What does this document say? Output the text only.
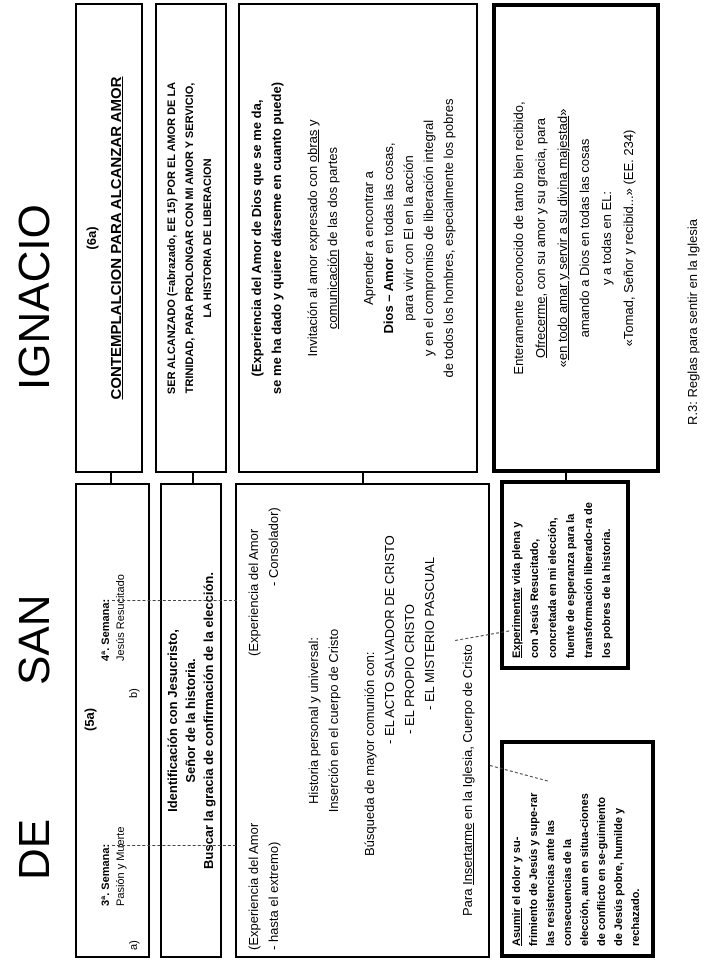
DE
SAN
IGNACIO
(5a)
a)
3ª. Semana: Pasión y Muerte
b)
4ª. Semana: Jesús Resucitado
Identificación con Jesucristo, Señor de la historia. Buscar la gracia de confirmación de la elección.
(Experiencia del Amor - hasta el extremo)
(Experiencia del Amor - Consolador)
Historia personal y universal: Inserción en el cuerpo de Cristo Búsqueda de mayor comunión con:
- EL ACTO SALVADOR DE CRISTO - EL PROPIO CRISTO - EL MISTERIO PASCUAL
Para Insertarme en la Iglesia, Cuerpo de Cristo
Asumir el dolor y su- frimiento de Jesús y supe-rar las resistencias ante las consecuencias de la elección, aun en situa-ciones de conflicto en se-guimiento de Jesús pobre, humilde y rechazado.
Experimentar vida plena y con Jesús Resucitado, concretada en mi elección, fuente de esperanza para la transformación liberado-ra de los pobres de la historia.
(6a) CONTEMPLALCION PARA ALCANZAR AMOR	SER ALCANZADO (=abrazado, EE 15) POR EL AMOR DE LA TRINIDAD, PARA PROLONGAR CON MI AMOR Y SERVICIO, LA HISTORIA DE LIBERACION	(Experiencia del Amor de Dios que se me da, se me ha dado y quiere dárseme en cuanto puede) Invitación al amor expresado con obras y
comunicación de las dos partes Aprender a encontrar a Dios – Amor en todas las cosas, para vivir con El en la acción y en el compromiso de liberación integral de todos los hombres, especialmente los pobres	Enteramente reconocido de tanto bien recibido, Ofrecerme, con su amor y su gracia, para
«en todo amar y servir a su divina majestad»
amando a Dios en todas las cosas y a todas en EL: «Tomad, Señor y recibid...» (EE. 234)	R.3: Reglas para sentir en la Iglesia
